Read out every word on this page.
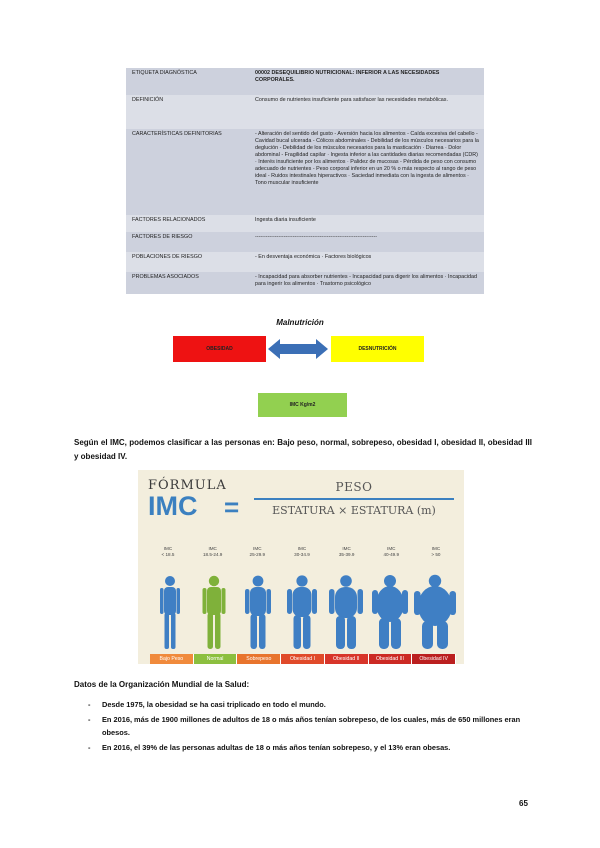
ETIQUETA DIAGNÓSTICA	00002 DESEQUILIBRIO NUTRICIONAL: INFERIOR A LAS NECESIDADES CORPORALES.
DEFINICIÓN	Consumo de nutrientes insuficiente para satisfacer las necesidades metabólicas.
CARACTERÍSTICAS DEFINITORIAS	- Alteración del sentido del gusto - Aversión hacia los alimentos - Caída excesiva del cabello - Cavidad bucal ulcerada - Cólicos abdominales - Debilidad de los músculos necesarios para la deglución - Debilidad de los músculos necesarios para la masticación · Diarrea · Dolor abdominal - Fragilidad capilar · Ingesta inferior a las cantidades diarias recomendadas (CDR) · Interés insuficiente por los alimentos · Palidez de mucosas - Pérdida de peso con consumo adecuado de nutrientes - Peso corporal inferior en un 20 % o más respecto al rango de peso ideal - Ruidos intestinales hiperactivos · Saciedad inmediata con la ingesta de alimentos · Tono muscular insuficiente
FACTORES RELACIONADOS	Ingesta diaria insuficiente
FACTORES DE RIESGO	--------------------------------------------------------------------
POBLACIONES DE RIESGO	- En desventaja económica · Factores biológicos
PROBLEMAS ASOCIADOS	- Incapacidad para absorber nutrientes - Incapacidad para digerir los alimentos · Incapacidad para ingerir los alimentos · Trastorno psicológico
Malnutrición
OBESIDAD	DESNUTRICIÓN
IMC Kg/m2
Según el IMC, podemos clasificar a las personas en: Bajo peso, normal, sobrepeso, obesidad I, obesidad II, obesidad III y obesidad IV.
FÓRMULA
IMC	=
PESO
ESTATURA × ESTATURA (m)
IMC
< 18.5
IMC
18.5-24.9
IMC
25-29.9
IMC
30-34.9
IMC
35-39.9
IMC
40-49.9
IMC
> 50
Bajo Peso	Normal	Sobrepeso	Obesidad I	Obesidad II	Obesidad III	Obesidad IV
Datos de la Organización Mundial de la Salud:
- Desde 1975, la obesidad se ha casi triplicado en todo el mundo.
- En 2016, más de 1900 millones de adultos de 18 o más años tenían sobrepeso, de los cuales, más de 650 millones eran obesos.
- En 2016, el 39% de las personas adultas de 18 o más años tenían sobrepeso, y el 13% eran obesas.
65
